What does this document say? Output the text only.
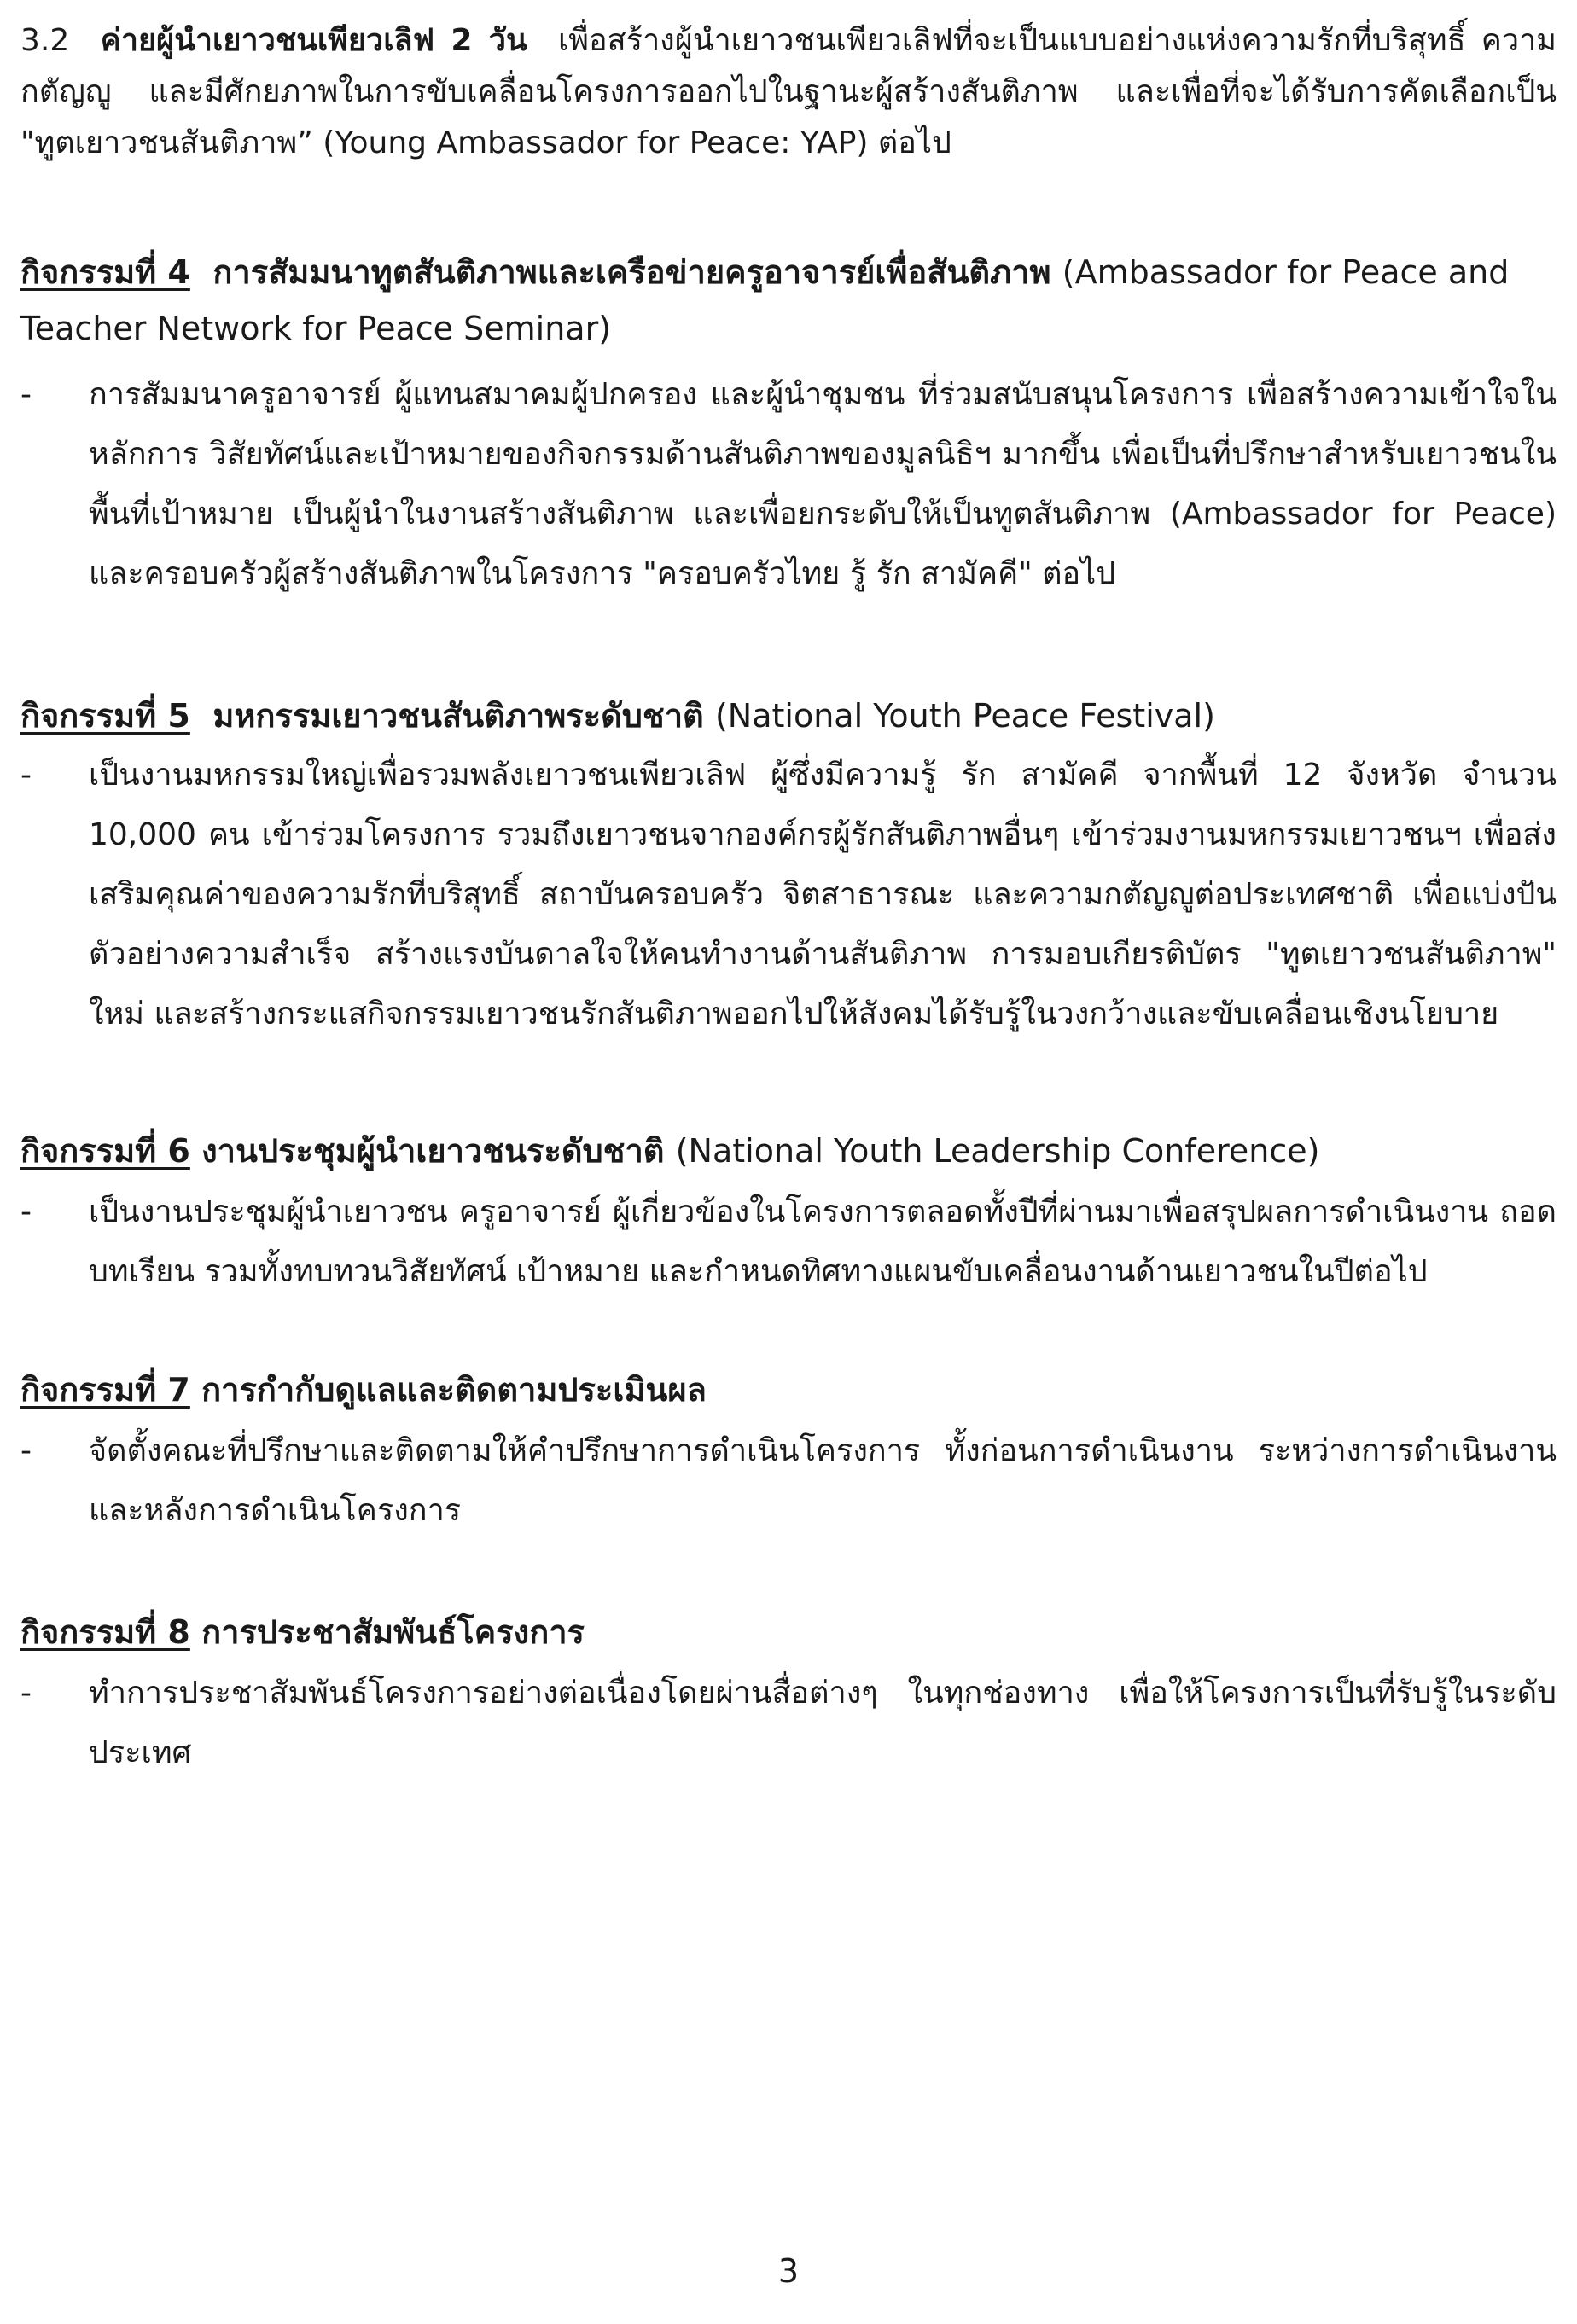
3.2 ค่ายผู้นำเยาวชนเพียวเลิฟ 2 วัน เพื่อสร้างผู้นำเยาวชนเพียวเลิฟที่จะเป็นแบบอย่างแห่งความรักที่บริสุทธิ์ ความกตัญญู และมีศักยภาพในการขับเคลื่อนโครงการออกไปในฐานะผู้สร้างสันติภาพ และเพื่อที่จะได้รับการคัดเลือกเป็น "ทูตเยาวชนสันติภาพ” (Young Ambassador for Peace: YAP) ต่อไป

กิจกรรมที่ 4 การสัมมนาทูตสันติภาพและเครือข่ายครูอาจารย์เพื่อสันติภาพ (Ambassador for Peace and Teacher Network for Peace Seminar)

-	การสัมมนาครูอาจารย์ ผู้แทนสมาคมผู้ปกครอง และผู้นำชุมชน ที่ร่วมสนับสนุนโครงการ เพื่อสร้างความเข้าใจในหลักการ วิสัยทัศน์และเป้าหมายของกิจกรรมด้านสันติภาพของมูลนิธิฯ มากขึ้น เพื่อเป็นที่ปรึกษาสำหรับเยาวชนในพื้นที่เป้าหมาย เป็นผู้นำในงานสร้างสันติภาพ และเพื่อยกระดับให้เป็นทูตสันติภาพ (Ambassador for Peace) และครอบครัวผู้สร้างสันติภาพในโครงการ "ครอบครัวไทย รู้ รัก สามัคคี" ต่อไป

กิจกรรมที่ 5 มหกรรมเยาวชนสันติภาพระดับชาติ (National Youth Peace Festival)

-	เป็นงานมหกรรมใหญ่เพื่อรวมพลังเยาวชนเพียวเลิฟ ผู้ซึ่งมีความรู้ รัก สามัคคี จากพื้นที่ 12 จังหวัด จำนวน 10,000 คน เข้าร่วมโครงการ รวมถึงเยาวชนจากองค์กรผู้รักสันติภาพอื่นๆ เข้าร่วมงานมหกรรมเยาวชนฯ เพื่อส่งเสริมคุณค่าของความรักที่บริสุทธิ์ สถาบันครอบครัว จิตสาธารณะ และความกตัญญูต่อประเทศชาติ เพื่อแบ่งปันตัวอย่างความสำเร็จ สร้างแรงบันดาลใจให้คนทำงานด้านสันติภาพ การมอบเกียรติบัตร "ทูตเยาวชนสันติภาพ" ใหม่ และสร้างกระแสกิจกรรมเยาวชนรักสันติภาพออกไปให้สังคมได้รับรู้ในวงกว้างและขับเคลื่อนเชิงนโยบาย

กิจกรรมที่ 6 งานประชุมผู้นำเยาวชนระดับชาติ (National Youth Leadership Conference)

-	เป็นงานประชุมผู้นำเยาวชน ครูอาจารย์ ผู้เกี่ยวข้องในโครงการตลอดทั้งปีที่ผ่านมาเพื่อสรุปผลการดำเนินงาน ถอดบทเรียน รวมทั้งทบทวนวิสัยทัศน์ เป้าหมาย และกำหนดทิศทางแผนขับเคลื่อนงานด้านเยาวชนในปีต่อไป

กิจกรรมที่ 7 การกำกับดูแลและติดตามประเมินผล

-	จัดตั้งคณะที่ปรึกษาและติดตามให้คำปรึกษาการดำเนินโครงการ ทั้งก่อนการดำเนินงาน ระหว่างการดำเนินงาน และหลังการดำเนินโครงการ

กิจกรรมที่ 8 การประชาสัมพันธ์โครงการ

-	ทำการประชาสัมพันธ์โครงการอย่างต่อเนื่องโดยผ่านสื่อต่างๆ ในทุกช่องทาง เพื่อให้โครงการเป็นที่รับรู้ในระดับประเทศ

3
